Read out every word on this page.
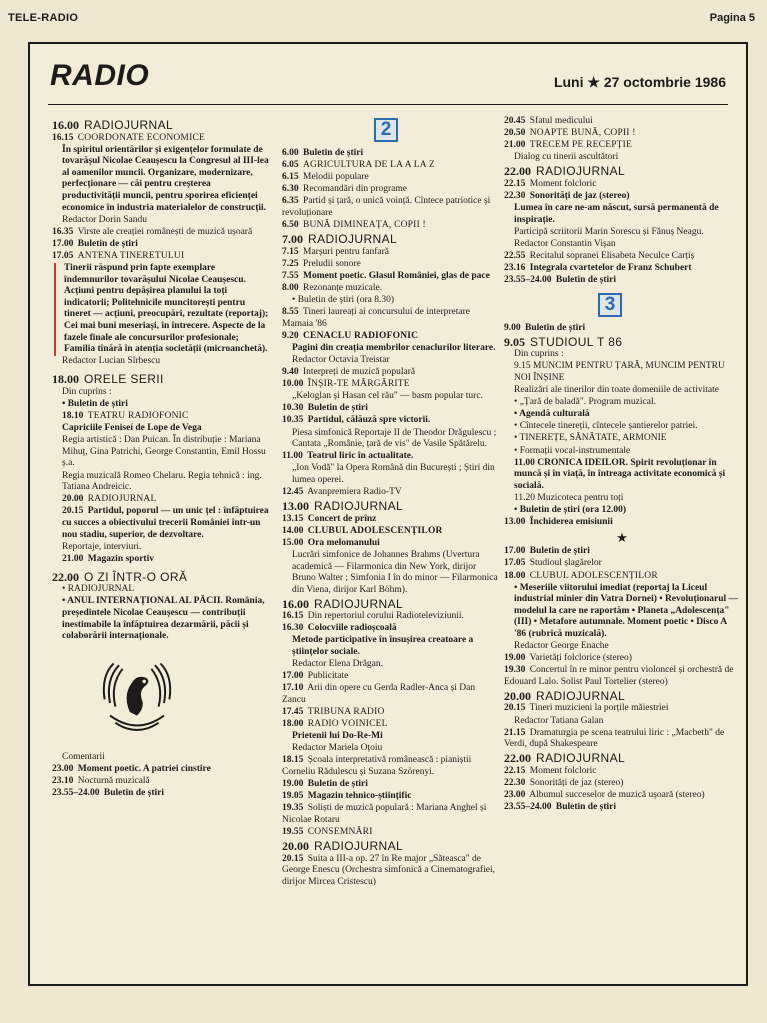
TELE-RADIO	Pagina 5
RADIO	Luni ★ 27 octombrie 1986
16.00 RADIOJURNAL
16.15 COORDONATE ECONOMICE
În spiritul orientărilor și exigențelor formulate de tovarășul Nicolae Ceaușescu la Congresul al III-lea al oamenilor muncii. Organizare, modernizare, perfecționare — căi pentru creșterea productivității muncii, pentru sporirea eficienței economice în industria materialelor de construcții.
Redactor Dorin Sandu
16.35 Virste ale creației românești de muzică ușoară
17.00 Buletin de știri
17.05 ANTENA TINERETULUI
Tinerii răspund prin fapte exemplare îndemnurilor tovarășului Nicolae Ceaușescu. Acțiuni pentru depășirea planului la toți indicatorii; Politehnicile muncitorești pentru tineret — acțiuni, preocupări, rezultate (reportaj); Cei mai buni meseriași, în întrecere. Aspecte de la fazele finale ale concursurilor profesionale; Familia tînără în atenția societății (microanchetă).
Redactor Lucian Sîrbescu
18.00 ORELE SERII
Din cuprins :
• Buletin de știri
18.10 TEATRU RADIOFONIC
Capriciile Feniseí de Lope de Vega
Regia artistică : Dan Puican. În distribuție : Mariana Mihuț, Gina Patrichi, George Constantin, Emil Hossu ș.a.
Regia muzicală Romeo Chelaru. Regia tehnică : ing. Tatiana Andreicic.
20.00 RADIOJURNAL
20.15 Partidul, poporul — un unic țel : înfăptuirea cu succes a obiectivului trecerii României într-un nou stadiu, superior, de dezvoltare.
Reportaje, interviuri.
21.00 Magazin sportiv
22.00 O ZI ÎNTR-O ORĂ
• RADIOJURNAL
• ANUL INTERNAȚIONAL AL PĂCII. România, președintele Nicolae Ceaușescu — contribuții inestimabile la înfăptuirea dezarmării, păcii și colaborării internaționale.
Comentarii
23.00 Moment poetic. A patriei cinstire
23.10 Nocturnă muzicală
23.55–24.00 Buletin de știri
2
6.00 Buletin de știri
6.05 AGRICULTURA DE LA A LA Z
6.15 Melodii populare
6.30 Recomandări din programe
6.35 Partid și țară, o unică voință. Cîntece patriotice și revoluționare
6.50 BUNĂ DIMINEAȚA, COPII !
7.00 RADIOJURNAL
7.15 Marșuri pentru fanfară
7.25 Preludii sonore
7.55 Moment poetic. Glasul României, glas de pace
8.00 Rezonanțe muzicale.
• Buletin de știri (ora 8.30)
8.55 Tineri laureați ai concursului de interpretare Mamaia '86
9.20 CENACLU RADIOFONIC
Pagini din creația membrilor cenaclurilor literare.
Redactor Octavia Treistar
9.40 Interpreți de muzică populară
10.00 ÎNȘIR-TE MĂRGĂRITE
„Keloglan și Hasan cel rău" — basm popular turc.
10.30 Buletin de știri
10.35 Partidul, călăuză spre victorii.
Piesa simfonică Reportaje II de Theodor Drăgulescu ; Cantata „Românie, țară de vis" de Vasile Spătărelu.
11.00 Teatrul liric în actualitate.
„Ion Vodă" la Opera Română din București ; Știri din lumea operei.
12.45 Avanpremiera Radio-TV
13.00 RADIOJURNAL
13.15 Concert de prînz
14.00 CLUBUL ADOLESCENȚILOR
15.00 Ora melomanului
Lucrări simfonice de Johannes Brahms (Uvertura academică — Filarmonica din New York, dirijor Bruno Walter ; Simfonia I în do minor — Filarmonica din Viena, dirijor Karl Böhm).
16.00 RADIOJURNAL
16.15 Din repertoriul corului Radioteleviziunii.
16.30 Colocviile radioșcoală
Metode participative în însușirea creatoare a științelor sociale.
Redactor Elena Drăgan.
17.00 Publicitate
17.10 Arii din opere cu Gerda Radler-Anca și Dan Zancu
17.45 TRIBUNA RADIO
18.00 RADIO VOINICEL
Prietenii lui Do-Re-Mi
Redactor Mariela Oțoiu
18.15 Școala interpretativă românească : pianiștii Corneliu Rădulescu și Suzana Szörenyi.
19.00 Buletin de știri
19.05 Magazin tehnico-științific
19.35 Soliști de muzică populară : Mariana Anghel și Nicolae Rotaru
19.55 CONSEMNĂRI
20.00 RADIOJURNAL
20.15 Suita a III-a op. 27 în Re major „Săteasca" de George Enescu (Orchestra simfonică a Cinematografiei, dirijor Mircea Cristescu)
20.45 Sfatul medicului
20.50 NOAPTE BUNĂ, COPII !
21.00 TRECEM PE RECEPȚIE
Dialog cu tinerii ascultători
22.00 RADIOJURNAL
22.15 Moment folcloric
22.30 Sonorități de jaz (stereo)
Lumea în care ne-am născut, sursă permanentă de inspirație.
Participă scriitorii Marin Sorescu și Fănuș Neagu.
Redactor Constantin Vișan
22.55 Recitalul sopranei Elisabeta Neculce Carțiș
23.16 Integrala cvartetelor de Franz Schubert
23.55–24.00 Buletin de știri
3
9.00 Buletin de știri
9.05 STUDIOUL T 86
Din cuprins :
9.15 MUNCIM PENTRU ȚARĂ, MUNCIM PENTRU NOI ÎNȘINE
Realizări ale tinerilor din toate domeniile de activitate
• „Țară de baladă". Program muzical.
• Agendă culturală
• Cîntecele tinereții, cîntecele șantierelor patriei.
• TINEREȚE, SĂNĂTATE, ARMONIE
• Formații vocal-instrumentale
11.00 CRONICA IDEILOR. Spirit revoluționar în muncă și în viață, în întreaga activitate economică și socială.
11.20 Muzicoteca pentru toți
• Buletin de știri (ora 12.00)
13.00 Închiderea emisiunii
★
17.00 Buletin de știri
17.05 Studioul șlagărelor
18.00 CLUBUL ADOLESCENȚILOR
• Meseriile viitorului imediat (reportaj la Liceul industrial minier din Vatra Dornei) • Revoluționarul — modelul la care ne raportăm • Planeta „Adolescența" (III) • Metafore autumnale. Moment poetic • Disco A '86 (rubrică muzicală).
Redactor George Enache
19.00 Varietăți folclorice (stereo)
19.30 Concertul în re minor pentru violoncel și orchestră de Edouard Lalo. Solist Paul Tortelier (stereo)
20.00 RADIOJURNAL
20.15 Tineri muzicieni la porțile măiestriei
Redactor Tatiana Galan
21.15 Dramaturgia pe scena teatrului liric : „Macbeth" de Verdi, după Shakespeare
22.00 RADIOJURNAL
22.15 Moment folcloric
22.30 Sonorități de jaz (stereo)
23.00 Albumul succeselor de muzică ușoară (stereo)
23.55–24.00 Buletin de știri
